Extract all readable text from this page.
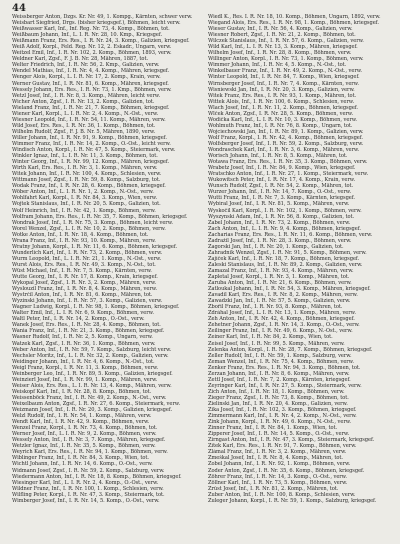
44
Weissberger Anton, Dzgs. Kr. Nr. 49, 1. Kompg., Kärnten, schwer verw.
Weisbart Siegfried, Drgs. (bisher kriegsgef.), Böhmen, leicht verw.
Weißwasser Karl, Inf., Inf. Reg. Nr. 73, 4. Komp., Böhmen, tot.
Weißbaum Johann, Inf., L. I. R. Nr. 28, 10. Kmp., Kriegsgef.
Weißmann Franz, Ers. Res., I. R. Nr. 24, 3. Komp., Galizien, kriegsgef.
Weiß Adolf, Korpl., Feld. Reg. Nr. 12, 2. Eskadr., Ungarn, verw.
Weitzel Emil, Inf., I. R. Nr. 102, 2. Komp., Böhmen, 1893, verw.
Weldner Karl, Zgsf., F. J. B. Nr. 28, Mähren, 1887, tot.
Welter Friedrich, Inf., I. R. Nr. 56, 2. Kmp., Galizien, verw.
Wendel Mathias, Inf., I. R. Nr. 4, 4. Komp., Mähren, kriegsgef.
Wenger Alois, Korpl., L. I. R. Nr. 17, 2. Komp., Krain, verw.
Werner Gustav, Inf., I. R. Nr. 81, 6. Komp., Mähren, kriegsgef.
Wessely Johann, Ers. Res., I. R. Nr. 73, 1. Kmp., Böhmen, verw.
Wetzl Josef, Inf., I. R. Nr. 8, 3. Komp., Mähren, leicht verw.
Wicher Anton, Zgsf., I. R. Nr. 13, 2. Komp., Galizien, tot.
Wieland Franz, Inf., I. R. Nr. 21, 7. Komp., Böhmen, kriegsgef.
Wiener Karl, Korpl., L. I. R. Nr. 2, 4. Komp., N.-Öst., verw.
Wiesner Leopold, Inf., I. R. Nr. 54, 11. Komp., Mähren, verw.
Wild Josef, Ers. Res., I. R. Nr. 36, 1. Komp., Böhmen, tot.
Wilhelm Rudolf, Zgsf., F. J. B. Nr. 5, Mähren, 1890, verw.
Willer Johann, Inf., I. R. Nr. 91, 9. Komp., Böhmen, kriegsgef.
Wimmer Franz, Inf., I. R. Nr. 14, 2. Komp., O.-Öst., leicht verw.
Windisch Anton, Korpl., I. R. Nr. 47, 5. Komp., Steiermark, verw.
Winkler Ignaz, Inf., L. I. R. Nr. 11, 3. Komp., Böhmen, tot.
Winter Georg, Inf., I. R. Nr. 99, 12. Komp., Mähren, kriegsgef.
Wirth Karl, Ers. Res., I. R. Nr. 3, 1. Komp., Mähren, verw.
Witek Johann, Inf., I. R. Nr. 100, 4. Komp., Schlesien, verw.
Wittmann Josef, Zgsf., I. R. Nr. 59, 8. Komp., Salzburg, tot.
Wodak Franz, Inf., I. R. Nr. 28, 6. Komp., Böhmen, kriegsgef.
Wöber Anton, Inf., L. I. R. Nr. 1, 2. Komp., N.-Öst., verw.
Wohlfahrt Karl, Korpl., I. R. Nr. 84, 3. Komp., Wien, verw.
Wojtek Stanislaus, Inf., I. R. Nr. 20, 5. Komp., Galizien, tot.
Wolf Heinrich, Inf., I. R. Nr. 42, 1. Komp., Böhmen, verw.
Wolfram Johann, Ers. Res., I. R. Nr. 35, 7. Komp., Böhmen, kriegsgef.
Wondrak Josef, Inf., I. R. Nr. 75, 3. Komp., Böhmen, leicht verw.
Worel Wenzel, Zgsf., L. I. R. Nr. 10, 2. Komp., Böhmen, verw.
Wotke Anton, Inf., I. R. Nr. 18, 4. Komp., Böhmen, tot.
Wrana Franz, Inf., I. R. Nr. 93, 10. Komp., Mähren, verw.
Wratny Johann, Korpl., I. R. Nr. 11, 6. Komp., Böhmen, kriegsgef.
Wunderlich Karl, Inf., I. R. Nr. 73, 2. Komp., Böhmen, verw.
Wurm Leopold, Inf., L. I. R. Nr. 21, 1. Komp., N.-Öst., verw.
Wurst Alois, Ers. Res., I. R. Nr. 49, 3. Komp., N.-Öst., tot.
Wüst Michael, Inf., I. R. Nr. 7, 5. Komp., Kärnten, verw.
Wutte Georg, Inf., I. R. Nr. 17, 8. Komp., Krain, kriegsgef.
Wykopal Josef, Zgsf., I. R. Nr. 3, 2. Komp., Mähren, verw.
Wyslouzil Franz, Inf., I. R. Nr. 8, 4. Komp., Mähren, verw.
Wystrčil Anton, Inf., I. R. Nr. 81, 6. Komp., Mähren, tot.
Wyzinski Johann, Inf., I. R. Nr. 57, 3. Komp., Galizien, verw.
Wagner Ludwig, Korpl., I. R. Nr. 98, 1. Komp., Böhmen, kriegsgef.
Walter Emil, Inf., L. I. R. Nr. 6, 9. Komp., Böhmen, verw.
Waltl Peter, Inf., I. R. Nr. 14, 2. Komp., O.-Öst., verw.
Wanek Josef, Ers. Res., I. R. Nr. 28, 4. Komp., Böhmen, tot.
Wania Franz, Inf., I. R. Nr. 21, 3. Komp., Böhmen, kriegsgef.
Wasner Rudolf, Inf., I. R. Nr. 2, 5. Komp., Ungarn, verw.
Watzek Karl, Zgsf., I. R. Nr. 36, 1. Komp., Böhmen, verw.
Weber Anton, Inf., I. R. Nr. 59, 7. Komp., Salzburg, leicht verw.
Wechsler Moritz, Inf., L. I. R. Nr. 32, 2. Komp., Galizien, verw.
Weidinger Johann, Inf., I. R. Nr. 4, 6. Komp., N.-Öst., tot.
Weigl Franz, Korpl., I. R. Nr. 11, 3. Komp., Böhmen, verw.
Weinberger Leo, Inf., I. R. Nr. 89, 5. Komp., Galizien, kriegsgef.
Weinzierl Josef, Inf., I. R. Nr. 99, 1. Komp., Mähren, verw.
Weiser Alois, Ers. Res., L. I. R. Nr. 13, 4. Komp., Mähren, verw.
Weiskopf Karl, Inf., I. R. Nr. 28, 8. Komp., Böhmen, tot.
Weissenböck Franz, Inf., I. R. Nr. 49, 2. Komp., N.-Öst., verw.
Weixelbaum Anton, Zgsf., I. R. Nr. 27, 6. Komp., Steiermark, verw.
Weizmann Josef, Inf., I. R. Nr. 20, 3. Komp., Galizien, kriegsgef.
Welzl Rudolf, Inf., I. R. Nr. 54, 1. Komp., Mähren, verw.
Wendt Karl, Inf., I. R. Nr. 42, 9. Komp., Böhmen, verw.
Wenzel Franz, Korpl., I. R. Nr. 73, 4. Komp., Böhmen, tot.
Werner Josef, Inf., L. I. R. Nr. 9, 2. Komp., Böhmen, verw.
Wessely Anton, Inf., I. R. Nr. 3, 7. Komp., Mähren, kriegsgef.
Wetzler Ignaz, Inf., I. R. Nr. 35, 5. Komp., Böhmen, verw.
Weyrich Karl, Ers. Res., I. R. Nr. 94, 1. Komp., Böhmen, verw.
Wiblinger Franz, Inf., I. R. Nr. 84, 3. Komp., Wien, tot.
Wichtl Johann, Inf., I. R. Nr. 14, 6. Komp., O.-Öst., verw.
Widmann Josef, Zgsf., I. R. Nr. 59, 2. Komp., Salzburg, verw.
Wiedermann Anton, Inf., I. R. Nr. 18, 8. Komp., Böhmen, kriegsgef.
Wiesinger Karl, Inf., L. I. R. Nr. 2, 4. Komp., O.-Öst., verw.
Wildner Franz, Inf., I. R. Nr. 100, 1. Komp., Schlesien, verw.
Wilfling Peter, Korpl., I. R. Nr. 47, 3. Komp., Steiermark, tot.
Wimberger Josef, Inf., I. R. Nr. 14, 5. Komp., O.-Öst., verw.
Wiedl K., Res. I. R. Nr. 18, 10. Komp., Böhmen, Ungarn, 1892, verw.
Wiegand Alois, Ers. Res., I. R. Nr. 98, 1. Komp., Böhmen, kriegsgef.
Wieser Gustav, Inf., I. R. Nr. 56, 4. Komp., Galizien, verw.
Wiesner Robert, Zgsf., I. R. Nr. 21, 2. Komp., Böhmen, tot.
Wilczek Stanislaus, Inf., I. R. Nr. 57, 6. Komp., Galizien, verw.
Wild Karl, Inf., L. I. R. Nr. 13, 3. Komp., Mähren, kriegsgef.
Wilhelm Josef, Inf., I. R. Nr. 28, 8. Komp., Böhmen, verw.
Willinger Anton, Korpl., I. R. Nr. 73, 1. Komp., Böhmen, verw.
Wimmer Johann, Inf., I. R. Nr. 4, 5. Komp., N.-Öst., tot.
Winkelbauer Franz, Inf., I. R. Nr. 49, 2. Komp., N.-Öst., verw.
Winter Leopold, Inf., I. R. Nr. 84, 7. Komp., Wien, kriegsgef.
Wirnsberger Josef, Inf., I. R. Nr. 7, 4. Komp., Kärnten, verw.
Wisniewski Jan, Inf., I. R. Nr. 20, 3. Komp., Galizien, verw.
Witek Franz, Ers. Res., I. R. Nr. 93, 1. Komp., Mähren, tot.
Wittek Alois, Inf., I. R. Nr. 100, 6. Komp., Schlesien, verw.
Wlach Josef, Inf., I. R. Nr. 11, 2. Komp., Böhmen, kriegsgef.
Wlček Anton, Zgsf., I. R. Nr. 28, 5. Komp., Böhmen, verw.
Wodička Karl, Inf., L. I. R. Nr. 10, 3. Komp., Böhmen, verw.
Wohlmuth Franz, Inf., I. R. Nr. 76, 8. Komp., Ungarn, tot.
Wojciechowski Jan, Inf., I. R. Nr. 89, 1. Komp., Galizien, verw.
Wolf Franz, Korpl., I. R. Nr. 42, 4. Komp., Böhmen, kriegsgef.
Wolfsberger Josef, Inf., I. R. Nr. 59, 2. Komp., Salzburg, verw.
Wondraschek Karl, Inf., I. R. Nr. 3, 6. Komp., Mähren, verw.
Worisch Johann, Inf., I. R. Nr. 8, 5. Komp., Mähren, tot.
Wotawa Franz, Ers. Res., I. R. Nr. 35, 3. Komp., Böhmen, verw.
Wrabetz Josef, Inf., I. R. Nr. 84, 9. Komp., Wien, kriegsgef.
Wratschko Anton, Inf., I. R. Nr. 27, 1. Komp., Steiermark, verw.
Wukowitsch Peter, Inf., I. R. Nr. 17, 4. Komp., Krain, verw.
Wunsch Rudolf, Zgsf., I. R. Nr. 54, 2. Komp., Mähren, tot.
Wurzer Johann, Inf., I. R. Nr. 14, 7. Komp., O.-Öst., verw.
Wutti Franz, Inf., I. R. Nr. 7, 3. Komp., Kärnten, kriegsgef.
Wybiral Josef, Inf., I. R. Nr. 81, 5. Komp., Mähren, verw.
Wyskočil Karl, Korpl., I. R. Nr. 102, 1. Komp., Böhmen, verw.
Wyszynski Adam, Inf., I. R. Nr. 56, 8. Komp., Galizien, tot.
Zabel Johann, Inf., I. R. Nr. 73, 2. Komp., Böhmen, verw.
Zach Anton, Inf., L. I. R. Nr. 9, 4. Komp., Böhmen, kriegsgef.
Zacharias Franz, Ers. Res., I. R. Nr. 11, 6. Komp., Böhmen, verw.
Zadražil Josef, Inf., I. R. Nr. 28, 3. Komp., Böhmen, verw.
Zagorski Jan, Inf., I. R. Nr. 20, 1. Komp., Galizien, tot.
Zahradnik Wenzel, Zgsf., I. R. Nr. 91, 5. Komp., Böhmen, verw.
Zajíček Karl, Inf., I. R. Nr. 18, 7. Komp., Böhmen, kriegsgef.
Zaleski Stanislaus, Inf., I. R. Nr. 89, 2. Komp., Galizien, verw.
Zamazal Franz, Inf., I. R. Nr. 93, 4. Komp., Mähren, verw.
Zapletal Josef, Korpl., I. R. Nr. 3, 1. Komp., Mähren, tot.
Zaruba Anton, Inf., I. R. Nr. 21, 6. Komp., Böhmen, verw.
Zatloukal Johann, Inf., I. R. Nr. 54, 3. Komp., Mähren, kriegsgef.
Zavadil Karl, Ers. Res., I. R. Nr. 8, 2. Komp., Mähren, verw.
Zawadzki Jan, Inf., I. R. Nr. 57, 5. Komp., Galizien, verw.
Zbořil Franz, Inf., I. R. Nr. 93, 8. Komp., Mähren, tot.
Zdráhal Josef, Inf., L. I. R. Nr. 13, 1. Komp., Mähren, verw.
Zeh Anton, Inf., I. R. Nr. 42, 4. Komp., Böhmen, kriegsgef.
Zehetner Johann, Zgsf., I. R. Nr. 14, 3. Komp., O.-Öst., verw.
Zeilinger Franz, Inf., I. R. Nr. 49, 6. Komp., N.-Öst., verw.
Zeiner Karl, Inf., I. R. Nr. 84, 2. Komp., Wien, tot.
Zeisel Josef, Inf., I. R. Nr. 99, 5. Komp., Mähren, verw.
Zelenka Anton, Korpl., I. R. Nr. 28, 7. Komp., Böhmen, kriegsgef.
Zeller Rudolf, Inf., I. R. Nr. 59, 1. Komp., Salzburg, verw.
Zeman Wenzel, Inf., I. R. Nr. 75, 4. Komp., Böhmen, verw.
Zenker Franz, Ers. Res., I. R. Nr. 94, 3. Komp., Böhmen, tot.
Zerzan Johann, Inf., I. R. Nr. 8, 6. Komp., Mähren, verw.
Zettl Josef, Inf., I. R. Nr. 7, 2. Komp., Kärnten, kriegsgef.
Zeyringer Karl, Inf., I. R. Nr. 27, 5. Komp., Steiermark, verw.
Zich Anton, Inf., I. R. Nr. 18, 1. Komp., Böhmen, verw.
Zieger Franz, Zgsf., I. R. Nr. 73, 8. Komp., Böhmen, tot.
Zielinski Jan, Inf., I. R. Nr. 20, 4. Komp., Galizien, verw.
Zika Josef, Inf., I. R. Nr. 102, 3. Komp., Böhmen, kriegsgef.
Zimmermann Karl, Inf., I. R. Nr. 4, 2. Komp., N.-Öst., verw.
Zink Johann, Korpl., I. R. Nr. 49, 6. Komp., N.-Öst., verw.
Zinner Franz, Inf., I. R. Nr. 84, 1. Komp., Wien, tot.
Zipperer Josef, Inf., I. R. Nr. 14, 5. Komp., O.-Öst., verw.
Zirngast Anton, Inf., I. R. Nr. 47, 3. Komp., Steiermark, kriegsgef.
Zítek Karl, Ers. Res., I. R. Nr. 91, 7. Komp., Böhmen, verw.
Zlámal Franz, Inf., I. R. Nr. 3, 2. Komp., Mähren, verw.
Zmeškal Josef, Inf., I. R. Nr. 8, 4. Komp., Mähren, tot.
Zobel Johann, Inf., I. R. Nr. 92, 1. Komp., Böhmen, verw.
Zoder Anton, Zgsf., I. R. Nr. 35, 6. Komp., Böhmen, kriegsgef.
Zöhrer Franz, Inf., I. R. Nr. 14, 3. Komp., O.-Öst., verw.
Zöllner Karl, Inf., I. R. Nr. 73, 5. Komp., Böhmen, verw.
Zrůst Josef, Inf., I. R. Nr. 81, 2. Komp., Mähren, tot.
Zuber Anton, Inf., I. R. Nr. 100, 8. Komp., Schlesien, verw.
Zuleger Johann, Korpl., I. R. Nr. 59, 1. Komp., Salzburg, kriegsgef.
